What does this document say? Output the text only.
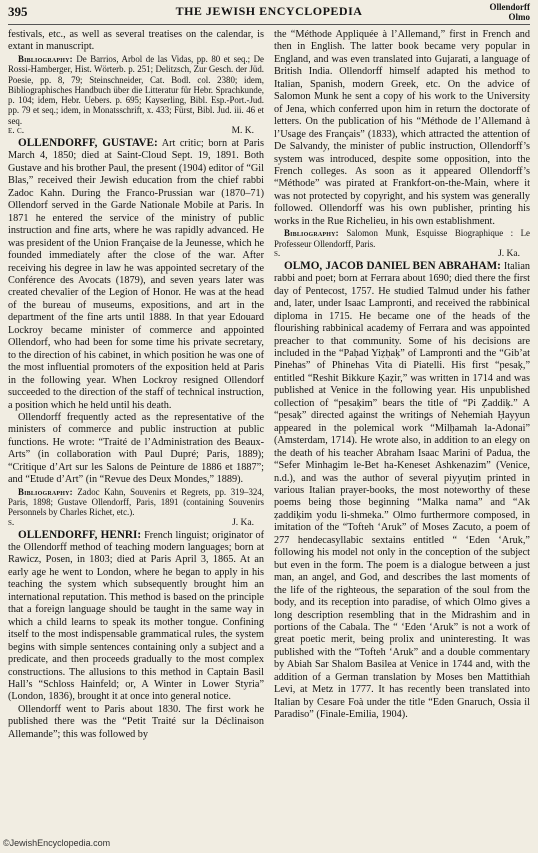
395	THE JEWISH ENCYCLOPEDIA	Ollendorff
Olmo

festivals, etc., as well as several treatises on the calendar, is extant in manuscript.

Bibliography: De Barrios, Arbol de las Vidas, pp. 80 et seq.; De Rossi-Hamberger, Hist. Wörterb. p. 251; Delitzsch, Zur Gesch. der Jüd. Poesie, pp. 8, 79; Steinschneider, Cat. Bodl. col. 2380; idem, Bibliographisches Handbuch über die Litteratur für Hebr. Sprachkunde, p. 104; idem, Hebr. Uebers. p. 695; Kayserling, Bibl. Esp.-Port.-Jud. pp. 79 et seq.; idem, in Monatsschrift, x. 433; Fürst, Bibl. Jud. iii. 46 et seq.

e. c.	M. K.

OLLENDORFF, GUSTAVE: Art critic; born at Paris March 4, 1850; died at Saint-Cloud Sept. 19, 1891. Both Gustave and his brother Paul, the present (1904) editor of “Gil Blas,” received their Jewish education from the chief rabbi Zadoc Kahn. During the Franco-Prussian war (1870–71) Ollendorf served in the Garde Nationale Mobile at Paris. In 1871 he entered the service of the ministry of public instruction and fine arts, where he was rapidly advanced. He was president of the Union Française de la Jeunesse, which he founded immediately after the close of the war. After receiving his degree in law he was appointed secretary of the Conférence des Avocats (1879), and seven years later was created chevalier of the Legion of Honor. He was at the head of the bureau of museums, expositions, and art in the department of the fine arts until 1888. In that year Edouard Lockroy became minister of commerce and appointed Ollendorf, who had been for some time his private secretary, to the direction of his cabinet, in which position he was one of the most influential promoters of the exposition held at Paris in the following year. When Lockroy resigned Ollendorf succeeded to the direction of the staff of technical instruction, a position which he held until his death.

Ollendorff frequently acted as the representative of the ministers of commerce and public instruction at public functions. He wrote: “Traité de l’Administration des Beaux-Arts” (in collaboration with Paul Dupré; Paris, 1889); “Critique d’Art sur les Salons de Peinture de 1886 et 1887”; and “Etude d’Art” (in “Revue des Deux Mondes,” 1889).

Bibliography: Zadoc Kahn, Souvenirs et Regrets, pp. 319–324, Paris, 1898; Gustave Ollendorff, Paris, 1891 (containing Souvenirs Personnels by Charles Richet, etc.).

s.	J. Ka.

OLLENDORFF, HENRI: French linguist; originator of the Ollendorff method of teaching modern languages; born at Rawicz, Posen, in 1803; died at Paris April 3, 1865. At an early age he went to London, where he began to apply in his teaching the system which subsequently brought him an international reputation. This method is based on the principle that a foreign language should be taught in the same way in which a child learns to speak its mother tongue. Confining itself to the most indispensable grammatical rules, the system begins with simple sentences containing only a subject and a predicate, and then proceeds gradually to the most complex constructions. The allusions to this method in Captain Basil Hall’s “Schloss Hainfeld; or, A Winter in Lower Styria” (London, 1836), brought it at once into general notice.

Ollendorff went to Paris about 1830. The first work he published there was the “Petit Traité sur la Déclinaison Allemande”; this was followed by

the “Méthode Appliquée à l’Allemand,” first in French and then in English. The latter book became very popular in England, and was even translated into Gujarati, a language of British India. Ollendorff himself adapted his method to Italian, Spanish, modern Greek, etc. On the advice of Salomon Munk he sent a copy of his work to the University of Jena, which conferred upon him in return the doctorate of letters. On the publication of his “Méthode de l’Allemand à l’Usage des Français” (1833), which attracted the attention of De Salvandy, the minister of public instruction, Ollendorff’s system was introduced, despite some opposition, into the French colleges. As soon as it appeared Ollendorff’s “Méthode” was pirated at Frankfort-on-the-Main, where it was not protected by copyright, and his system was generally followed. Ollendorff was his own publisher, printing his works in the Rue Richelieu, in his own establishment.

Bibliography: Salomon Munk, Esquisse Biographique : Le Professeur Ollendorff, Paris.

s.	J. Ka.

OLMO, JACOB DANIEL BEN ABRAHAM: Italian rabbi and poet; born at Ferrara about 1690; died there the first day of Pentecost, 1757. He studied Talmud under his father and, later, under Isaac Lampronti, and received the rabbinical diploma in 1715. He became one of the heads of the flourishing rabbinical academy of Ferrara and was appointed preacher to that community. Some of his decisions are included in the “Paḥad Yiẓḥaḳ” of Lampronti and the “Gib’at Pinehas” of Phinehas Vita di Piatelli. His first “pesaḳ,” entitled “Reshit Bikkure Ḳaẓir,” was written in 1714 and was published at Venice in the following year. His unpublished collection of “pesaḳim” bears the title of “Pi Ẓaddiḳ.” A “pesaḳ” directed against the writings of Nehemiah Ḥayyun appeared in the polemical work “Milḥamah la-Adonai” (Amsterdam, 1714). He wrote also, in addition to an elegy on the death of his teacher Abraham Isaac Marini of Padua, the “Sefer Minhagim le-Bet ha-Keneset Ashkenazim” (Venice, n.d.), and was the author of several piyyuṭim printed in various Italian prayer-books, the most noteworthy of these poems being those beginning “Malka nama” and “Ak ẓaddiḳim yodu li-shmeka.” Olmo furthermore composed, in imitation of the “Tofteh ‘Aruk” of Moses Zacuto, a poem of 277 hendecasyllabic sextains entitled “ ‘Eden ‘Aruk,” following his model not only in the conception of the subject but even in the form. The poem is a dialogue between a just man, an angel, and God, and describes the last moments of the life of the righteous, the separation of the soul from the body, and its reception into paradise, of which Olmo gives a long description resembling that in the Midrashim and in portions of the Cabala. The “ ‘Eden ‘Aruk” is not a work of great poetic merit, being prolix and uninteresting. It was published with the “Tofteh ‘Aruk” and a double commentary by Abiah Sar Shalom Basilea at Venice in 1744 and, with the addition of a German translation by Moses ben Mattithiah Levi, at Metz in 1777. It has recently been translated into Italian by Cesare Foà under the title “Eden Gnaruch, Ossia il Paradiso” (Finale-Emilia, 1904).

©JewishEncyclopedia.com
